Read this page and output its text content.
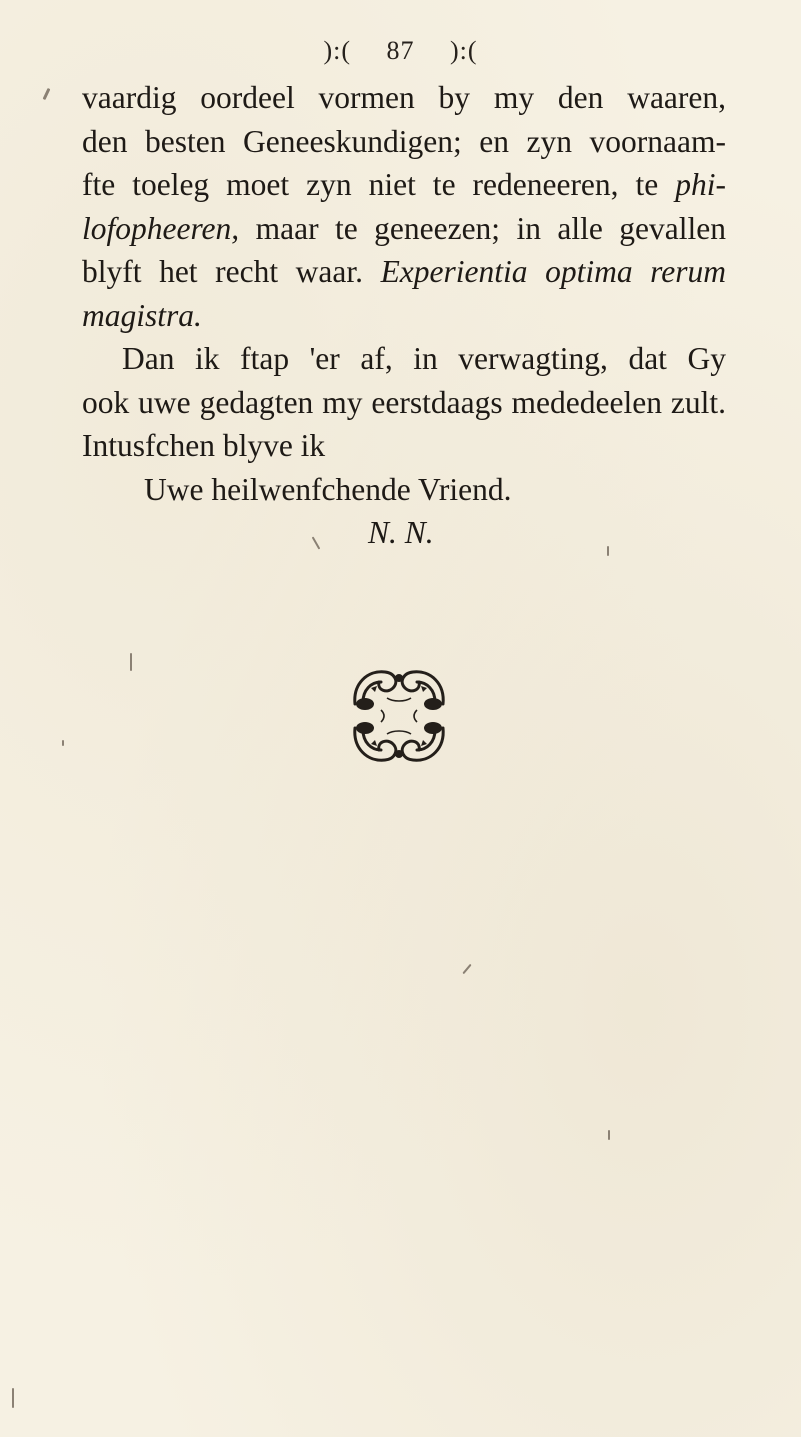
):( 87 ):(
vaardig oordeel vormen by my den waaren,
den besten Geneeskundigen; en zyn voornaam-
fte toeleg moet zyn niet te redeneeren, te phi-
lofopheeren, maar te geneezen; in alle gevallen
blyft het recht waar. Experientia optima rerum
magistra.
Dan ik ftap 'er af, in verwagting, dat Gy
ook uwe gedagten my eerstdaags mededeelen zult.
Intusfchen blyve ik
Uwe heilwenfchende Vriend.
N. N.
